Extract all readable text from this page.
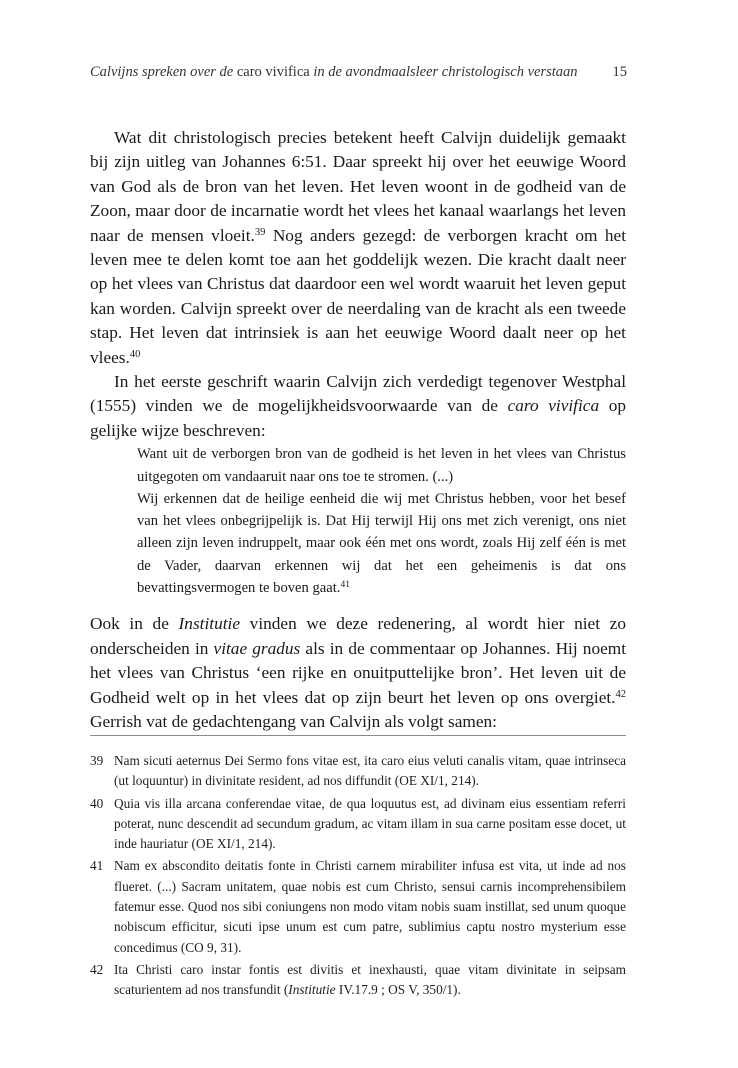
Calvijns spreken over de caro vivifica in de avondmaalsleer christologisch verstaan 15

Wat dit christologisch precies betekent heeft Calvijn duidelijk gemaakt bij zijn uitleg van Johannes 6:51. Daar spreekt hij over het eeuwige Woord van God als de bron van het leven. Het leven woont in de godheid van de Zoon, maar door de incarnatie wordt het vlees het kanaal waarlangs het leven naar de mensen vloeit.$^{39}$ Nog anders gezegd: de verborgen kracht om het leven mee te delen komt toe aan het goddelijk wezen. Die kracht daalt neer op het vlees van Christus dat daardoor een wel wordt waaruit het leven geput kan worden. Calvijn spreekt over de neerdaling van de kracht als een tweede stap. Het leven dat intrinsiek is aan het eeuwige Woord daalt neer op het vlees.$^{40}$

In het eerste geschrift waarin Calvijn zich verdedigt tegenover Westphal (1555) vinden we de mogelijkheidsvoorwaarde van de caro vivifica op gelijke wijze beschreven:

Want uit de verborgen bron van de godheid is het leven in het vlees van Christus uitgegoten om vandaaruit naar ons toe te stromen. (...)

Wij erkennen dat de heilige eenheid die wij met Christus hebben, voor het besef van het vlees onbegrijpelijk is. Dat Hij terwijl Hij ons met zich verenigt, ons niet alleen zijn leven indruppelt, maar ook één met ons wordt, zoals Hij zelf één is met de Vader, daarvan erkennen wij dat het een geheimenis is dat ons bevattingsvermogen te boven gaat.$^{41}$

Ook in de Institutie vinden we deze redenering, al wordt hier niet zo onderscheiden in vitae gradus als in de commentaar op Johannes. Hij noemt het vlees van Christus ‘een rijke en onuitputtelijke bron’. Het leven uit de Godheid welt op in het vlees dat op zijn beurt het leven op ons overgiet.$^{42}$ Gerrish vat de gedachtengang van Calvijn als volgt samen:

39 Nam sicuti aeternus Dei Sermo fons vitae est, ita caro eius veluti canalis vitam, quae intrinseca (ut loquuntur) in divinitate resident, ad nos diffundit (OE XI/1, 214).
40 Quia vis illa arcana conferendae vitae, de qua loquutus est, ad divinam eius essentiam referri poterat, nunc descendit ad secundum gradum, ac vitam illam in sua carne positam esse docet, ut inde hauriatur (OE XI/1, 214).
41 Nam ex abscondito deitatis fonte in Christi carnem mirabiliter infusa est vita, ut inde ad nos flueret. (...) Sacram unitatem, quae nobis est cum Christo, sensui carnis incomprehensibilem fatemur esse. Quod nos sibi coniungens non modo vitam nobis suam instillat, sed unum quoque nobiscum efficitur, sicuti ipse unum est cum patre, sublimius captu nostro mysterium esse concedimus (CO 9, 31).
42 Ita Christi caro instar fontis est divitis et inexhausti, quae vitam divinitate in seipsam scaturientem ad nos transfundit (Institutie IV.17.9 ; OS V, 350/1).
